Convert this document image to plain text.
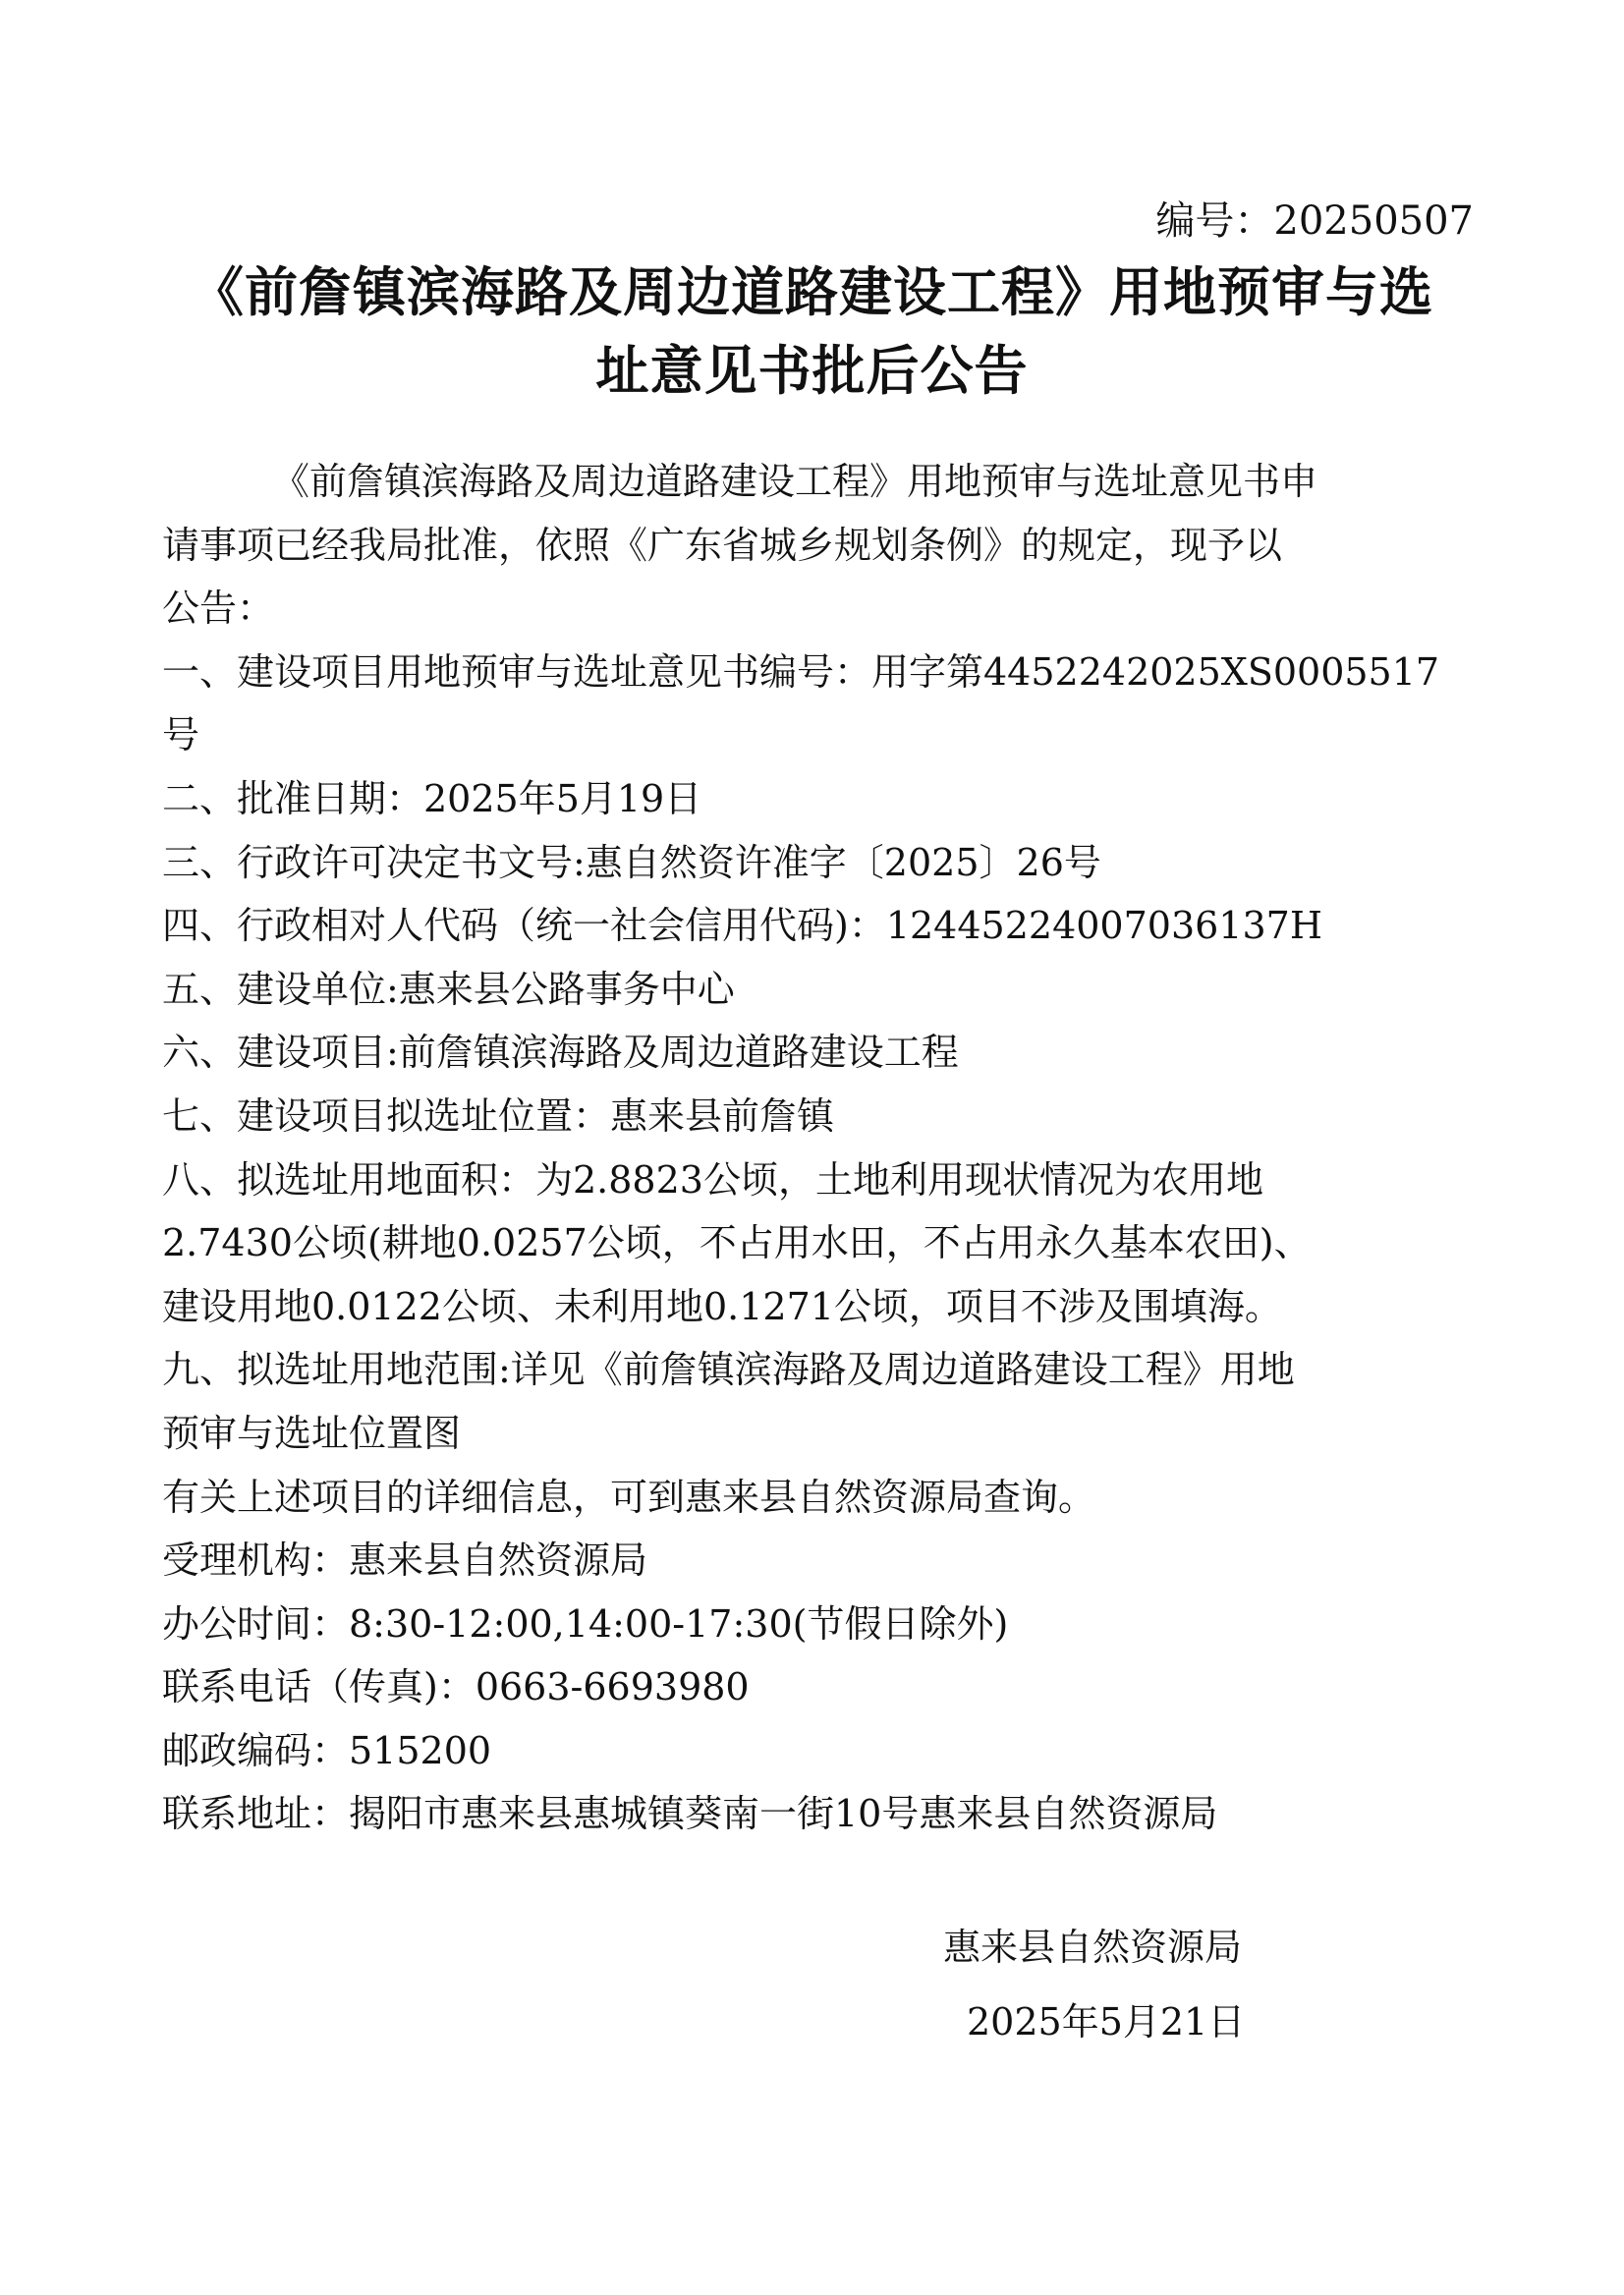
编号：20250507
《前詹镇滨海路及周边道路建设工程》用地预审与选
址意见书批后公告
《前詹镇滨海路及周边道路建设工程》用地预审与选址意见书申
请事项已经我局批准，依照《广东省城乡规划条例》的规定，现予以
公告：
一、建设项目用地预审与选址意见书编号：用字第4452242025XS0005517
号
二、批准日期：2025年5月19日
三、行政许可决定书文号:惠自然资许准字〔2025〕26号
四、行政相对人代码（统一社会信用代码)：12445224007036137H
五、建设单位:惠来县公路事务中心
六、建设项目:前詹镇滨海路及周边道路建设工程
七、建设项目拟选址位置：惠来县前詹镇
八、拟选址用地面积：为2.8823公顷，土地利用现状情况为农用地
2.7430公顷(耕地0.0257公顷，不占用水田，不占用永久基本农田)、
建设用地0.0122公顷、未利用地0.1271公顷，项目不涉及围填海。
九、拟选址用地范围:详见《前詹镇滨海路及周边道路建设工程》用地
预审与选址位置图
有关上述项目的详细信息，可到惠来县自然资源局查询。
受理机构：惠来县自然资源局
办公时间：8:30-12:00,14:00-17:30(节假日除外)
联系电话（传真)：0663-6693980
邮政编码：515200
联系地址：揭阳市惠来县惠城镇葵南一街10号惠来县自然资源局
惠来县自然资源局
2025年5月21日
